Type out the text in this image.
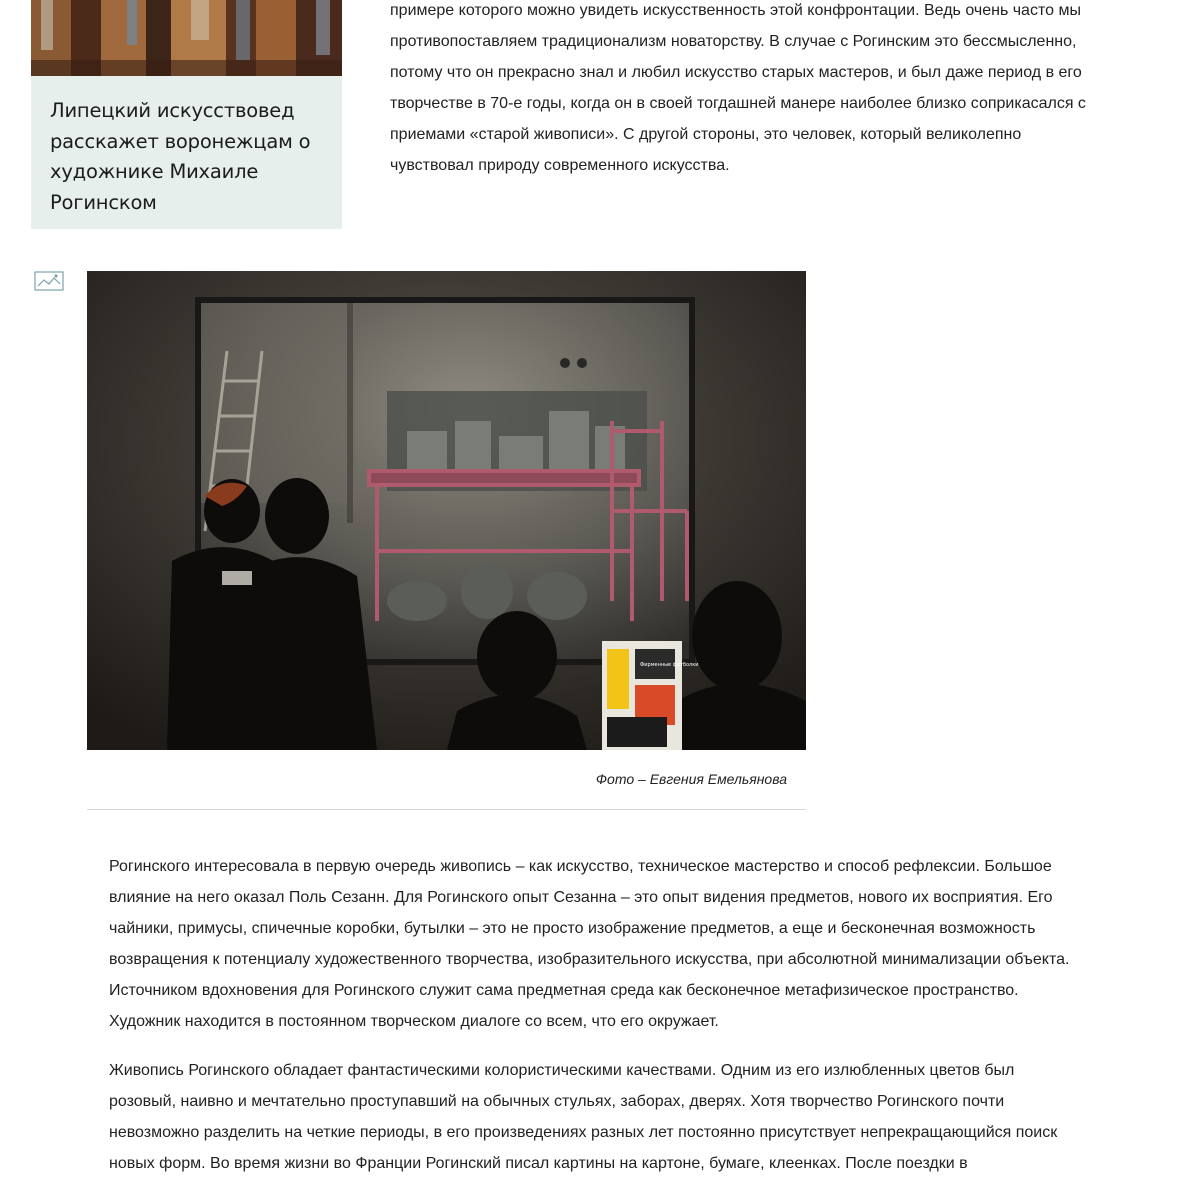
Липецкий искусствовед расскажет воронежцам о художнике Михаиле Рогинском
примере которого можно увидеть искусственность этой конфронтации. Ведь очень часто мы
противопоставляем традиционализм новаторству. В случае с Рогинским это бессмысленно,
потому что он прекрасно знал и любил искусство старых мастеров, и был даже период в его
творчестве в 70-е годы, когда он в своей тогдашней манере наиболее близко соприкасался с
приемами «старой живописи». С другой стороны, это человек, который великолепно
чувствовал природу современного искусства.
Фирменные футболки

Фото – Евгения Емельянова

Рогинского интересовала в первую очередь живопись – как искусство, техническое мастерство и способ рефлексии. Большое
влияние на него оказал Поль Сезанн. Для Рогинского опыт Сезанна – это опыт видения предметов, нового их восприятия. Его
чайники, примусы, спичечные коробки, бутылки – это не просто изображение предметов, а еще и бесконечная возможность
возвращения к потенциалу художественного творчества, изобразительного искусства, при абсолютной минимализации объекта.
Источником вдохновения для Рогинского служит сама предметная среда как бесконечное метафизическое пространство.
Художник находится в постоянном творческом диалоге со всем, что его окружает.
Живопись Рогинского обладает фантастическими колористическими качествами. Одним из его излюбленных цветов был
розовый, наивно и мечтательно проступавший на обычных стульях, заборах, дверях. Хотя творчество Рогинского почти
невозможно разделить на четкие периоды, в его произведениях разных лет постоянно присутствует непрекращающийся поиск
новых форм. Во время жизни во Франции Рогинский писал картины на картоне, бумаге, клеенках. После поездки в
